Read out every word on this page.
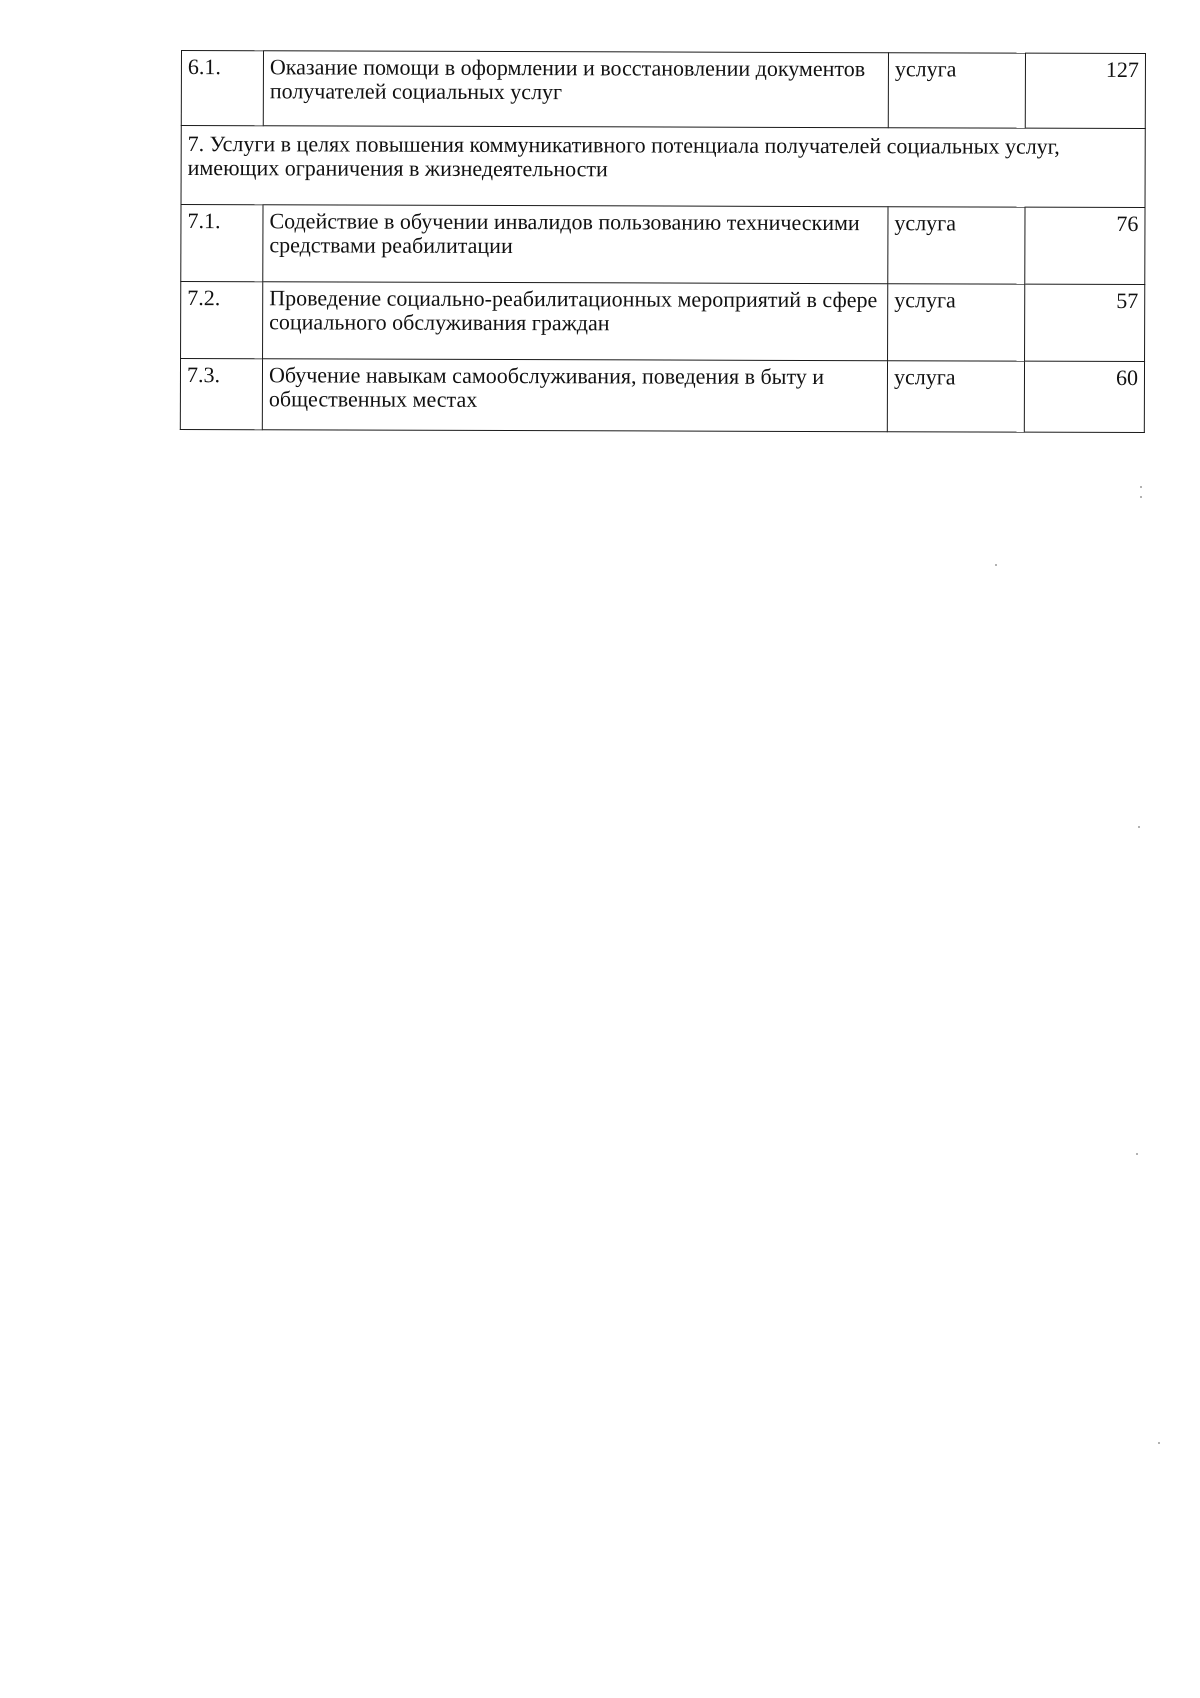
6.1.	Оказание помощи в оформлении и восстановлении документов получателей социальных услуг	услуга	127
7. Услуги в целях повышения коммуникативного потенциала получателей социальных услуг, имеющих ограничения в жизнедеятельности			
7.1.	Содействие в обучении инвалидов пользованию техническими средствами реабилитации	услуга	76
7.2.	Проведение социально-реабилитационных мероприятий в сфере социального обслуживания граждан	услуга	57
7.3.	Обучение навыкам самообслуживания, поведения в быту и общественных местах	услуга	60
